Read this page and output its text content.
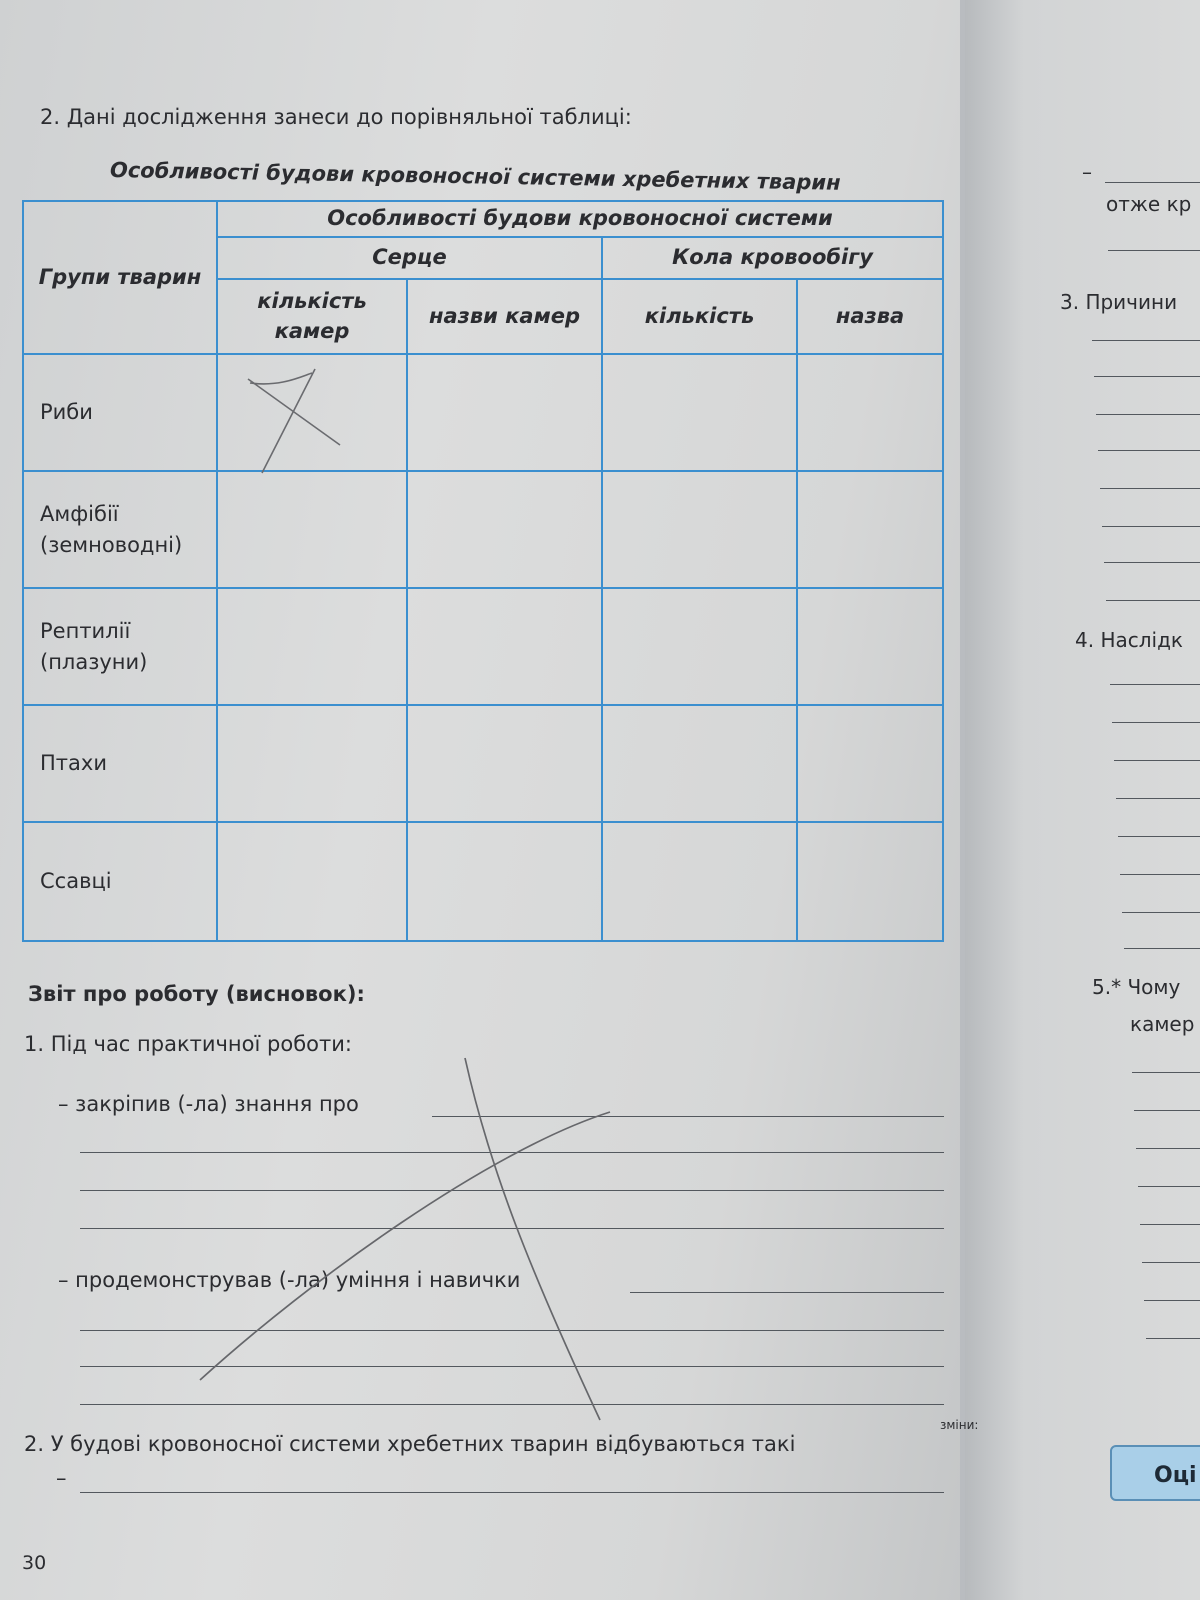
2. Дані дослідження занеси до порівняльної таблиці:
Особливості будови кровоносної системи хребетних тварин
Групи тварин	Особливості будови кровоносної системи			
	Серце		Кола кровообігу	
	кількість камер	назви камер	кількість	назва
Риби				
Амфібії (земноводні)				
Рептилії (плазуни)				
Птахи				
Ссавці				
Звіт про роботу (висновок):
1. Під час практичної роботи:
– закріпив (-ла) знання про
– продемонстрував (-ла) уміння і навички
2. У будові кровоносної системи хребетних тварин відбуваються такі
зміни:
–
30
–
отже кр
3. Причини
4. Наслідк
5.* Чому
камер
Оці
